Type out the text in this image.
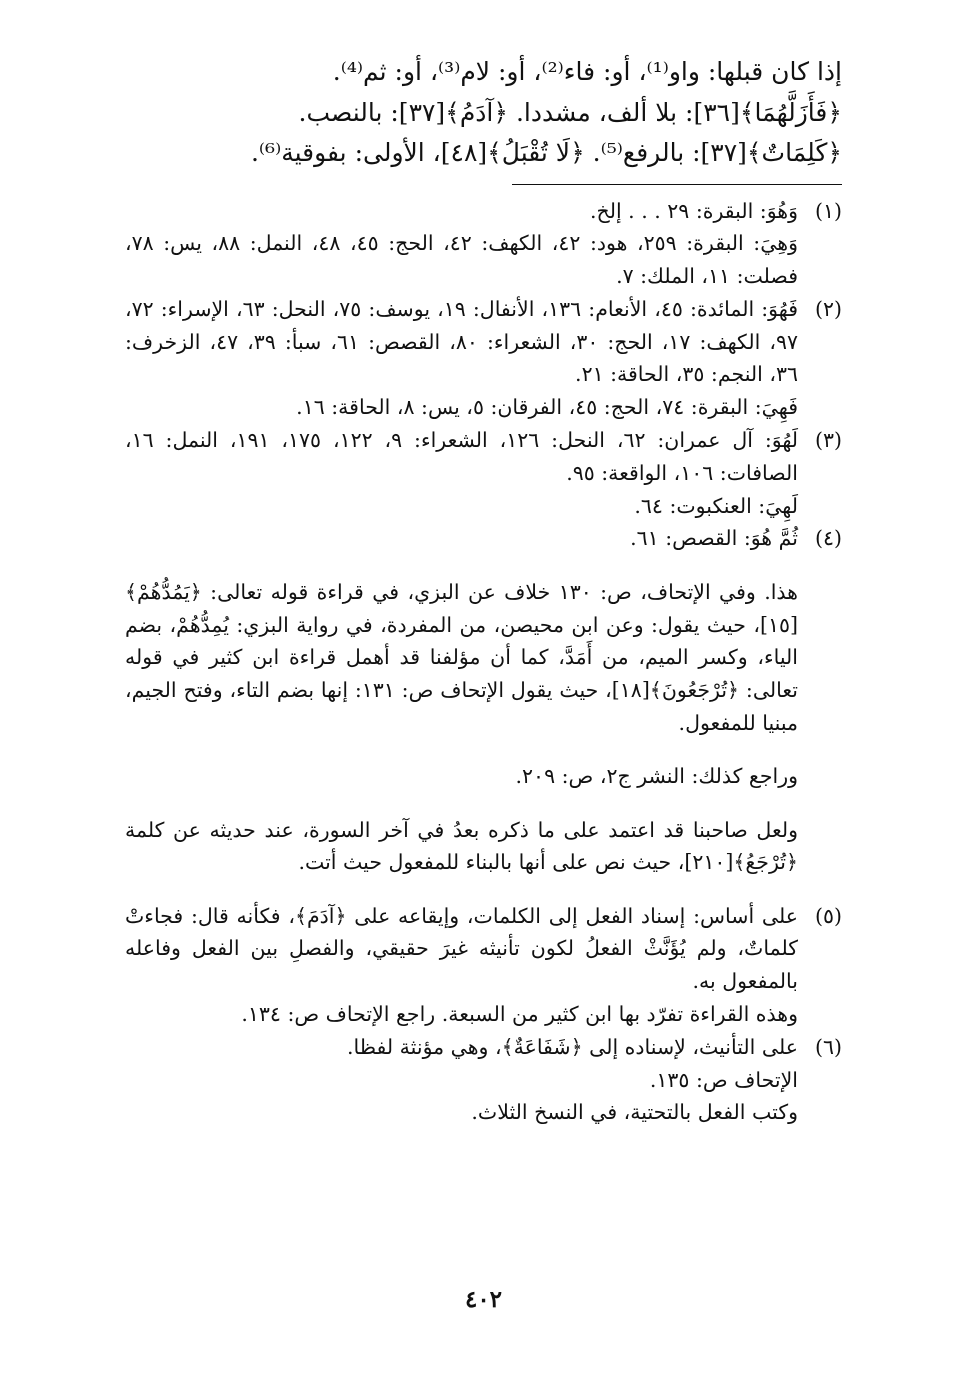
إذا كان قبلها: واو⁽¹⁾، أو: فاء⁽²⁾، أو: لام⁽³⁾، أو: ثم⁽⁴⁾.

﴿فَأَزَلَّهُمَا﴾[٣٦]: بلا ألف، مشددا. ﴿آدَمُ﴾[٣٧]: بالنصب.

﴿كَلِمَاتٌ﴾[٣٧]: بالرفع⁽⁵⁾. ﴿لَا تُقْبَلُ﴾[٤٨]، الأولى: بفوقية⁽⁶⁾.

(١)

وَهُوَ: البقرة: ٢٩ . . . إلخ.

وَهِيَ: البقرة: ٢٥٩، هود: ٤٢، الكهف: ٤٢، الحج: ٤٥، ٤٨، النمل: ٨٨، يس: ٧٨، فصلت: ١١، الملك: ٧.

(٢)

فَهُوَ: المائدة: ٤٥، الأنعام: ١٣٦، الأنفال: ١٩، يوسف: ٧٥، النحل: ٦٣، الإسراء: ٧٢، ٩٧، الكهف: ١٧، الحج: ٣٠، الشعراء: ٨٠، القصص: ٦١، سبأ: ٣٩، ٤٧، الزخرف: ٣٦، النجم: ٣٥، الحاقة: ٢١.

فَهِيَ: البقرة: ٧٤، الحج: ٤٥، الفرقان: ٥، يس: ٨، الحاقة: ١٦.

(٣)

لَهُوَ: آل عمران: ٦٢، النحل: ١٢٦، الشعراء: ٩، ١٢٢، ١٧٥، ١٩١، النمل: ١٦، الصافات: ١٠٦، الواقعة: ٩٥.

لَهِيَ: العنكبوت: ٦٤.

(٤)

ثُمَّ هُوَ: القصص: ٦١.

هذا. وفي الإتحاف، ص: ١٣٠ خلاف عن البزي، في قراءة قوله تعالى: ﴿يَمُدُّهُمْ﴾[١٥]، حيث يقول: وعن ابن محيصن، من المفردة، في رواية البزي: يُمِدُّهُمْ، بضم الياء، وكسر الميم، من أَمَدَّ، كما أن مؤلفنا قد أهمل قراءة ابن كثير في قوله تعالى: ﴿تُرْجَعُونَ﴾[١٨]، حيث يقول الإتحاف ص: ١٣١: إنها بضم التاء، وفتح الجيم، مبنيا للمفعول.

وراجع كذلك: النشر ج٢، ص: ٢٠٩.

ولعل صاحبنا قد اعتمد على ما ذكره بعدُ في آخر السورة، عند حديثه عن كلمة ﴿تُرْجَعُ﴾[٢١٠]، حيث نص على أنها بالبناء للمفعول حيث أتت.

(٥)

على أساس: إسناد الفعل إلى الكلمات، وإيقاعه على ﴿آدَمَ﴾، فكأنه قال: فجاءتْ كلماتٌ، ولم يُؤَنَّثْ الفعلُ لكون تأنيثه غيرَ حقيقي، والفصلِ بين الفعل وفاعله بالمفعول به.

وهذه القراءة تفرّد بها ابن كثير من السبعة. راجع الإتحاف ص: ١٣٤.

(٦)

على التأنيث، لإسناده إلى ﴿شَفَاعَةٌ﴾، وهي مؤنثة لفظا.

الإتحاف ص: ١٣٥.

وكتب الفعل بالتحتية، في النسخ الثلاث.

٤٠٢
